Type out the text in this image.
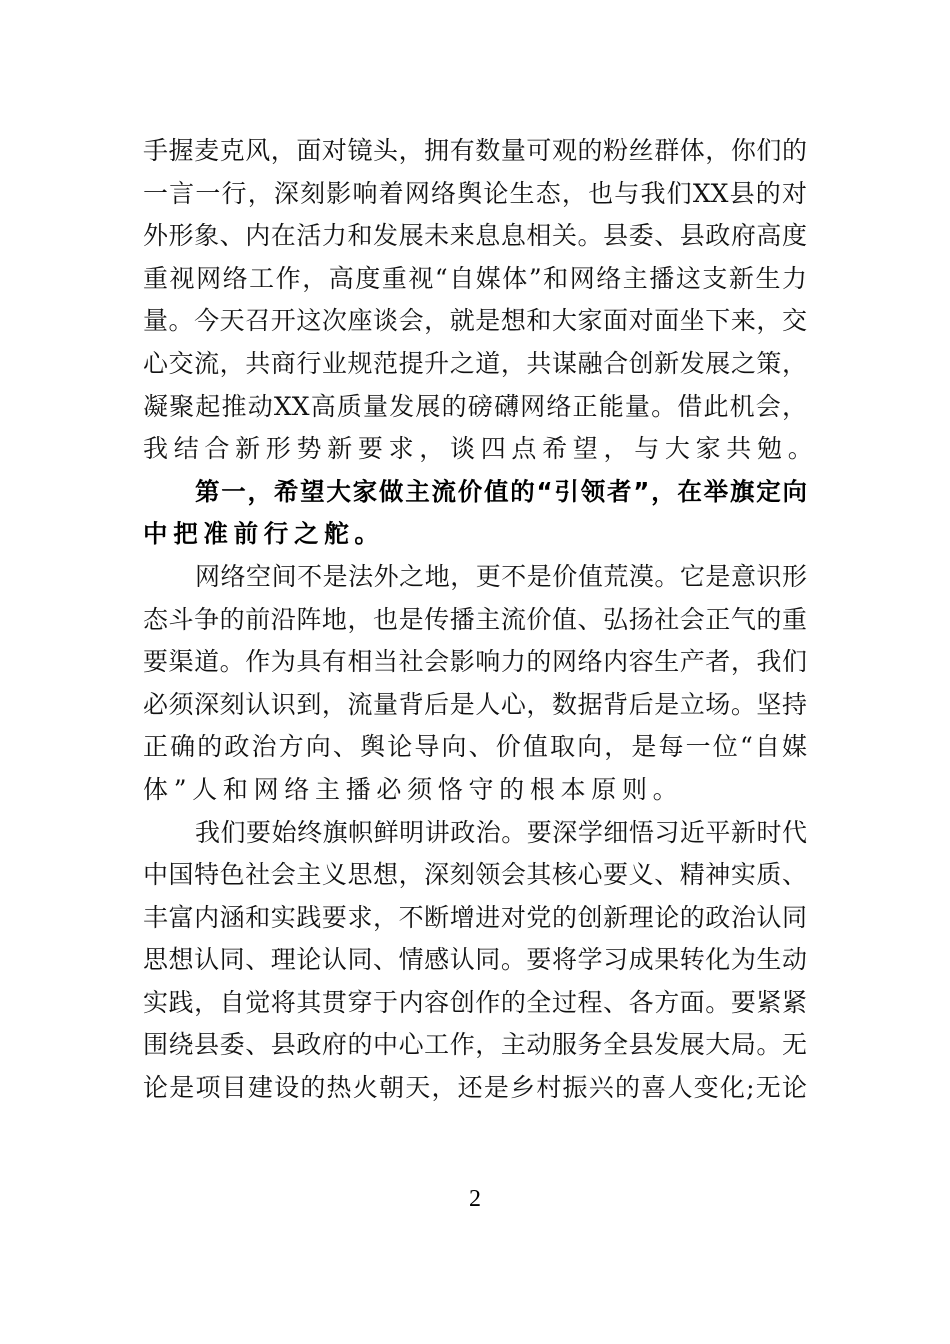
手握麦克风，面对镜头，拥有数量可观的粉丝群体，你们的
一言一行，深刻影响着网络舆论生态，也与我们XX县的对
外形象、内在活力和发展未来息息相关。县委、县政府高度
重视网络工作，高度重视“自媒体”和网络主播这支新生力
量。今天召开这次座谈会，就是想和大家面对面坐下来，交
心交流，共商行业规范提升之道，共谋融合创新发展之策，
凝聚起推动XX高质量发展的磅礴网络正能量。借此机会，
我结合新形势新要求，谈四点希望，与大家共勉。
第一，希望大家做主流价值的“引领者”，在举旗定向
中把准前行之舵。
网络空间不是法外之地，更不是价值荒漠。它是意识形
态斗争的前沿阵地，也是传播主流价值、弘扬社会正气的重
要渠道。作为具有相当社会影响力的网络内容生产者，我们
必须深刻认识到，流量背后是人心，数据背后是立场。坚持
正确的政治方向、舆论导向、价值取向，是每一位“自媒
体”人和网络主播必须恪守的根本原则。
我们要始终旗帜鲜明讲政治。要深学细悟习近平新时代
中国特色社会主义思想，深刻领会其核心要义、精神实质、
丰富内涵和实践要求，不断增进对党的创新理论的政治认同
思想认同、理论认同、情感认同。要将学习成果转化为生动
实践，自觉将其贯穿于内容创作的全过程、各方面。要紧紧
围绕县委、县政府的中心工作，主动服务全县发展大局。无
论是项目建设的热火朝天，还是乡村振兴的喜人变化;无论
2
